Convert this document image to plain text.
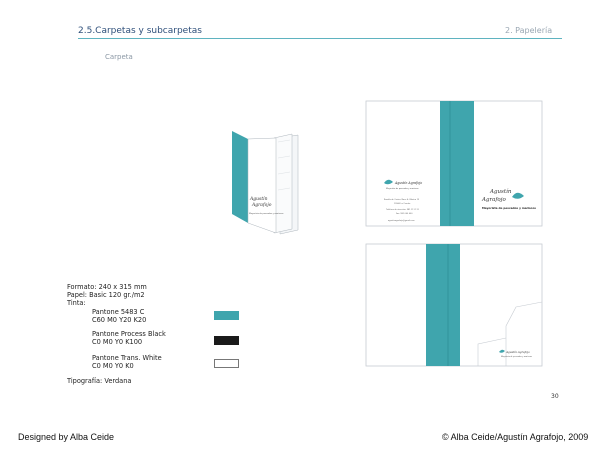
2.5.Carpetas y subcarpetas	2. Papelería
Carpeta
Agustín
Agrafojo
Mayorista de pescados y mariscos
Agustín Agrafojo
Mayorista de pescados y mariscos
Rosalía de Castro, Nave 4, Ribeira 19
15960 La Coruña
Teléfono de atención: 981 111 111
Fax: 981 000 000
agustinagrafojo@gmail.com
Agustín
Agrafojo
Mayorista de pescados y mariscos
Agustín Agrafojo
Mayorista de pescados y mariscos
Formato: 240 x 315 mm
Papel: Basic 120 gr./m2
Tinta:
Pantone 5483 C
C60 M0 Y20 K20
Pantone Process Black
C0 M0 Y0 K100
Pantone Trans. White
C0 M0 Y0 K0
Tipografía: Verdana
30
Designed by Alba Ceide	© Alba Ceide/Agustín Agrafojo, 2009
